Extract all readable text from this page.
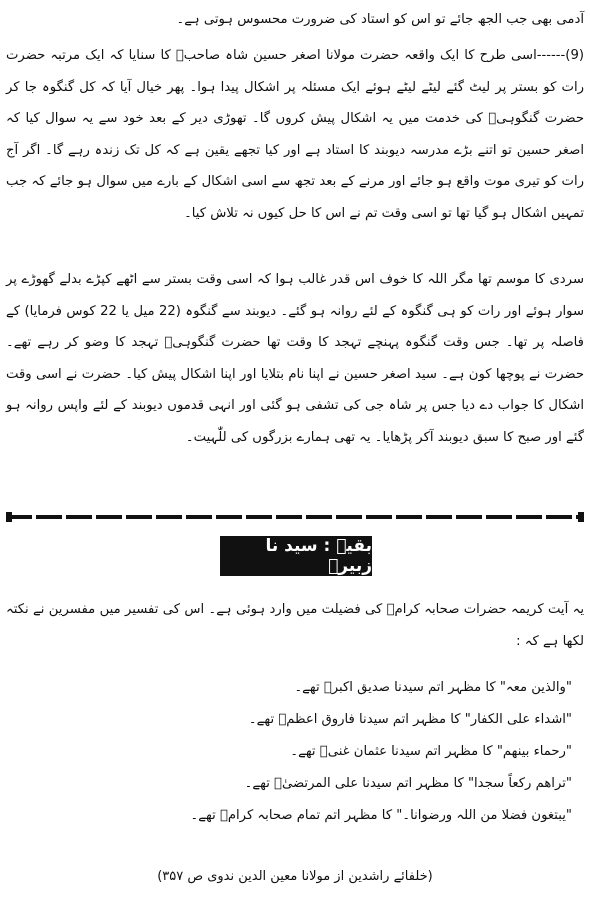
آدمی بھی جب الجھ جائے تو اس کو استاد کی ضرورت محسوس ہوتی ہے۔

(9)------اسی طرح کا ایک واقعہ حضرت مولانا اصغر حسین شاہ صاحبؒ کا سنایا کہ ایک مرتبہ حضرت رات کو بستر پر لیٹ گئے لیٹے لیٹے ہوئے ایک مسئلہ پر اشکال پیدا ہوا۔ پھر خیال آیا کہ کل گنگوہ جا کر حضرت گنگوہیؒ کی خدمت میں یہ اشکال پیش کروں گا۔ تھوڑی دیر کے بعد خود سے یہ سوال کیا کہ اصغر حسین تو اتنے بڑے مدرسہ دیوبند کا استاد ہے اور کیا تجھے یقین ہے کہ کل تک زندہ رہے گا۔ اگر آج رات کو تیری موت واقع ہو جائے اور مرنے کے بعد تجھ سے اسی اشکال کے بارے میں سوال ہو جائے کہ جب تمہیں اشکال ہو گیا تھا تو اسی وقت تم نے اس کا حل کیوں نہ تلاش کیا۔

سردی کا موسم تھا مگر اللہ کا خوف اس قدر غالب ہوا کہ اسی وقت بستر سے اٹھے کپڑے بدلے گھوڑے پر سوار ہوئے اور رات کو ہی گنگوہ کے لئے روانہ ہو گئے۔ دیوبند سے گنگوہ (22 میل یا 22 کوس فرمایا) کے فاصلہ پر تھا۔ جس وقت گنگوہ پہنچے تہجد کا وقت تھا حضرت گنگوہیؒ تہجد کا وضو کر رہے تھے۔ حضرت نے پوچھا کون ہے۔ سید اصغر حسین نے اپنا نام بتلایا اور اپنا اشکال پیش کیا۔ حضرت نے اسی وقت اشکال کا جواب دے دیا جس پر شاہ جی کی تشفی ہو گئی اور انہی قدموں دیوبند کے لئے واپس روانہ ہو گئے اور صبح کا سبق دیوبند آکر پڑھایا۔ یہ تھی ہمارے بزرگوں کی للّٰہیت۔

بقیہ : سید نا زبیرؓ

یہ آیت کریمہ حضرات صحابہ کرامؓ کی فضیلت میں وارد ہوئی ہے۔ اس کی تفسیر میں مفسرین نے نکتہ لکھا ہے کہ :

"والذین معہ" کا مظہر اتم سیدنا صدیق اکبرؓ تھے۔
"اشداء علی الکفار" کا مظہر اتم سیدنا فاروق اعظمؓ تھے۔
"رحماء بینھم" کا مظہر اتم سیدنا عثمان غنیؓ تھے۔
"تراھم رکعاً سجدا" کا مظہر اتم سیدنا علی المرتضیٰؓ تھے۔
"یبتغون فضلا من اللہ ورضوانا۔" کا مظہر اتم تمام صحابہ کرامؓ تھے۔
(خلفائے راشدین از مولانا معین الدین ندوی ص ۳۵۷)
